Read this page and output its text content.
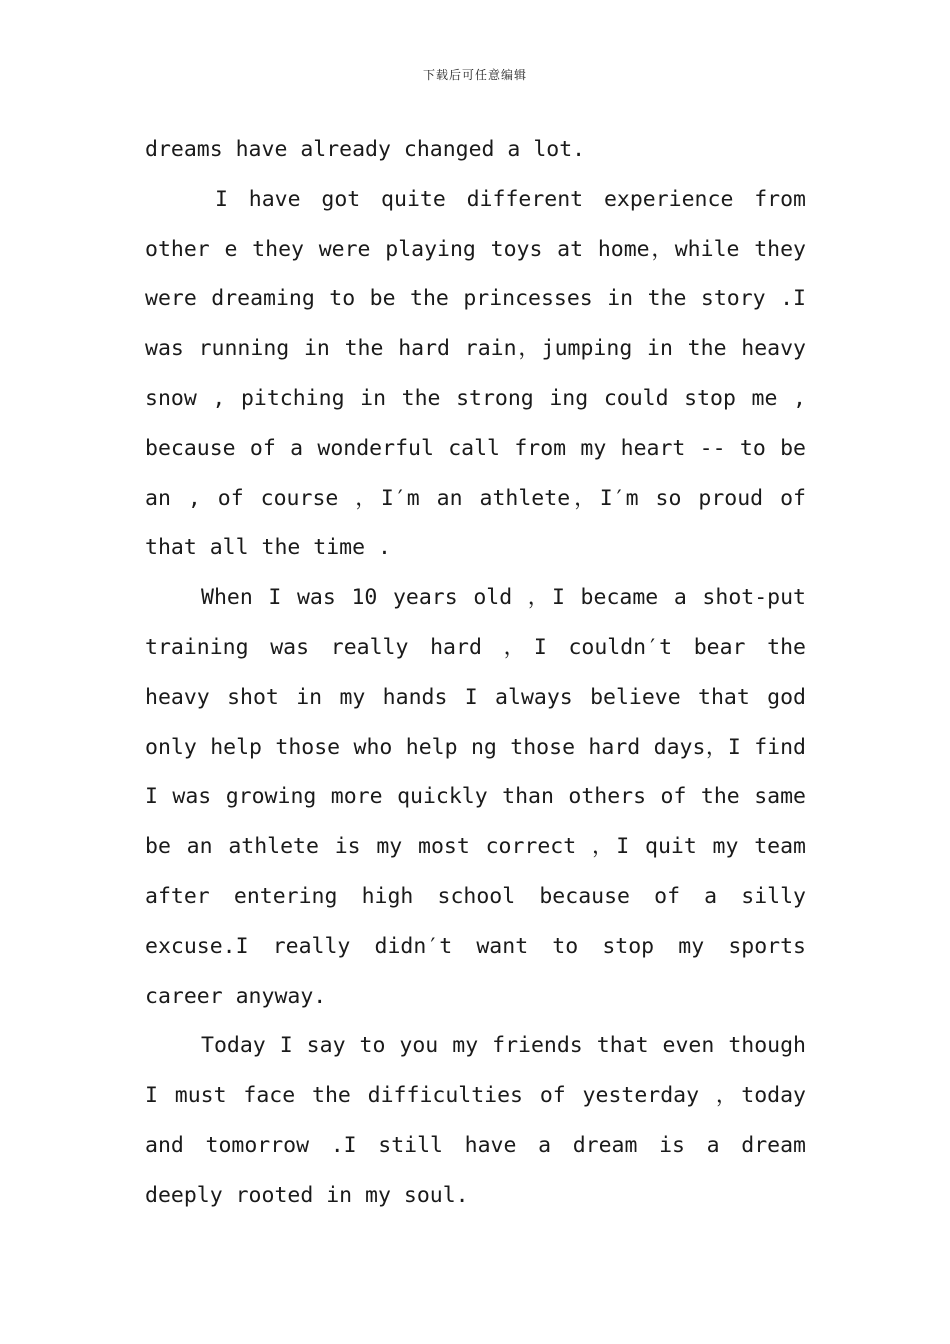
下载后可任意编辑

dreams have already changed a lot.

I have got quite different experience from other e they were playing toys at home，while they were dreaming to be the princesses in the story .I was running in the hard rain，jumping in the heavy snow , pitching in the strong ing could stop me , because of a wonderful call from my heart -- to be an , of course ，I′m an athlete，I′m so proud of that all the time .

When I was 10 years old ，I became a shot-put training was really hard ，I couldn′t bear the heavy shot in my hands I always believe that god only help those who help ng those hard days，I find I was growing more quickly than others of the same be an athlete is my most correct ，I quit my team after entering high school because of a silly excuse.I really didn′t want to stop my sports career anyway.

Today I say to you my friends that even though I must face the difficulties of yesterday ，today and tomorrow .I still have a dream is a dream deeply rooted in my soul.
